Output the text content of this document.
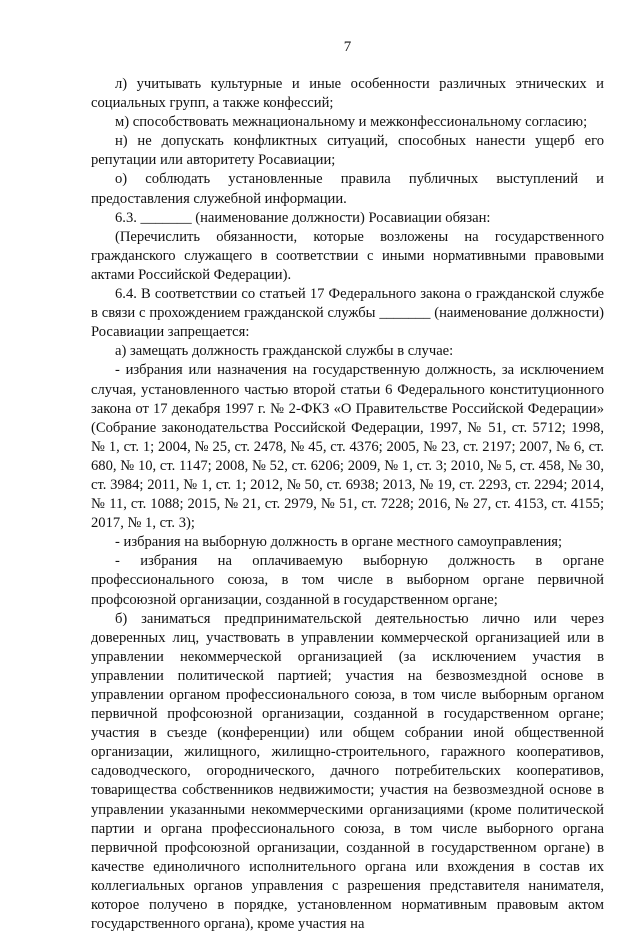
7

л) учитывать культурные и иные особенности различных этнических и социальных групп, а также конфессий;

м) способствовать межнациональному и межконфессиональному согласию;

н) не допускать конфликтных ситуаций, способных нанести ущерб его репутации или авторитету Росавиации;

о) соблюдать установленные правила публичных выступлений и предоставления служебной информации.

6.3. _______ (наименование должности) Росавиации обязан:

(Перечислить обязанности, которые возложены на государственного гражданского служащего в соответствии с иными нормативными правовыми актами Российской Федерации).

6.4. В соответствии со статьей 17 Федерального закона о гражданской службе в связи с прохождением гражданской службы _______ (наименование должности) Росавиации запрещается:

а) замещать должность гражданской службы в случае:

- избрания или назначения на государственную должность, за исключением случая, установленного частью второй статьи 6 Федерального конституционного закона от 17 декабря 1997 г. № 2-ФКЗ «О Правительстве Российской Федерации» (Собрание законодательства Российской Федерации, 1997, № 51, ст. 5712; 1998, № 1, ст. 1; 2004, № 25, ст. 2478, № 45, ст. 4376; 2005, № 23, ст. 2197; 2007, № 6, ст. 680, № 10, ст. 1147; 2008, № 52, ст. 6206; 2009, № 1, ст. 3; 2010, № 5, ст. 458, № 30, ст. 3984; 2011, № 1, ст. 1; 2012, № 50, ст. 6938; 2013, № 19, ст. 2293, ст. 2294; 2014, № 11, ст. 1088; 2015, № 21, ст. 2979, № 51, ст. 7228; 2016, № 27, ст. 4153, ст. 4155; 2017, № 1, ст. 3);

- избрания на выборную должность в органе местного самоуправления;

- избрания на оплачиваемую выборную должность в органе профессионального союза, в том числе в выборном органе первичной профсоюзной организации, созданной в государственном органе;

б) заниматься предпринимательской деятельностью лично или через доверенных лиц, участвовать в управлении коммерческой организацией или в управлении некоммерческой организацией (за исключением участия в управлении политической партией; участия на безвозмездной основе в управлении органом профессионального союза, в том числе выборным органом первичной профсоюзной организации, созданной в государственном органе; участия в съезде (конференции) или общем собрании иной общественной организации, жилищного, жилищно-строительного, гаражного кооперативов, садоводческого, огороднического, дачного потребительских кооперативов, товарищества собственников недвижимости; участия на безвозмездной основе в управлении указанными некоммерческими организациями (кроме политической партии и органа профессионального союза, в том числе выборного органа первичной профсоюзной организации, созданной в государственном органе) в качестве единоличного исполнительного органа или вхождения в состав их коллегиальных органов управления с разрешения представителя нанимателя, которое получено в порядке, установленном нормативным правовым актом государственного органа), кроме участия на
